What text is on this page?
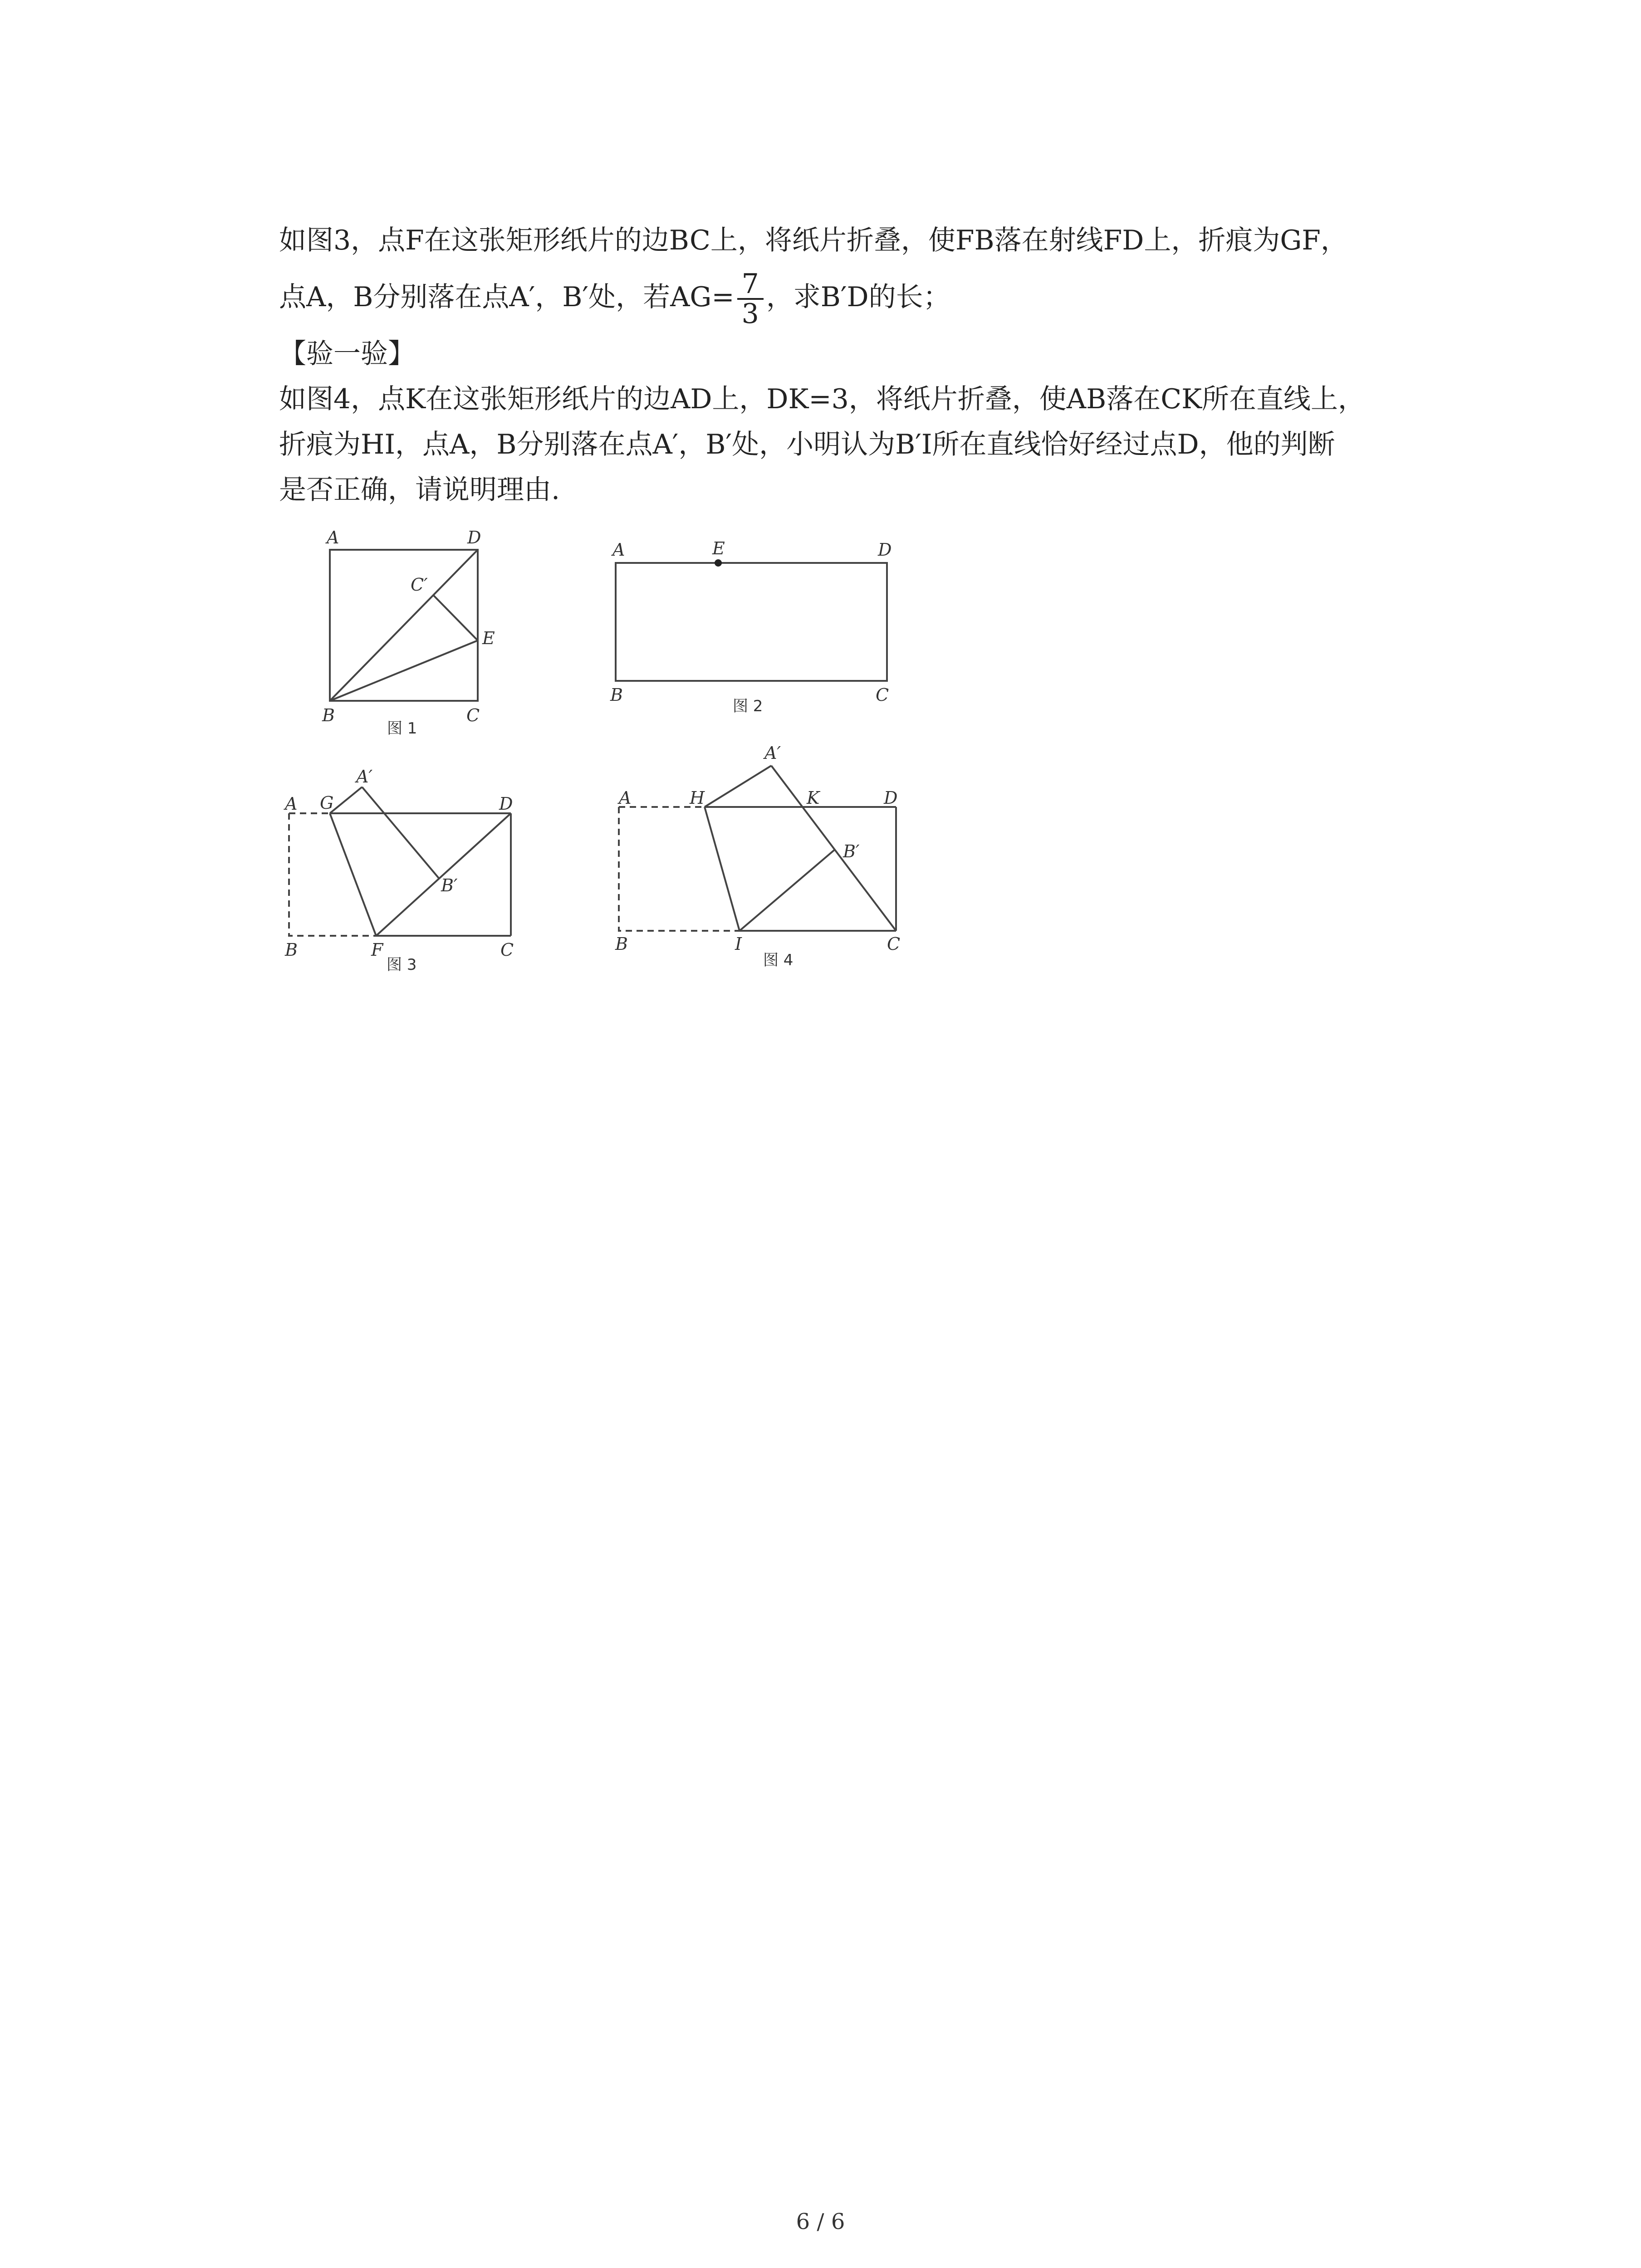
如图3，点F在这张矩形纸片的边BC上，将纸片折叠，使FB落在射线FD上，折痕为GF，
点A，B分别落在点A′，B′处，若$AG= \frac{7}{3}$ ，求B′D的长；
【验一验】
如图4，点K在这张矩形纸片的边AD上，DK=3，将纸片折叠，使AB落在CK所在直线上，
折痕为HI，点A，B分别落在点A′，B′处，小明认为B′I所在直线恰好经过点D，他的判断
是否正确，请说明理由.
A	D
C′
E
B	C
图 1
A	E	D
B	C
图 2
A G
A′
D
B′
B	F	C
图 3
A	H
A′
K	D
B′
B	I	C
图 4
6 / 6
